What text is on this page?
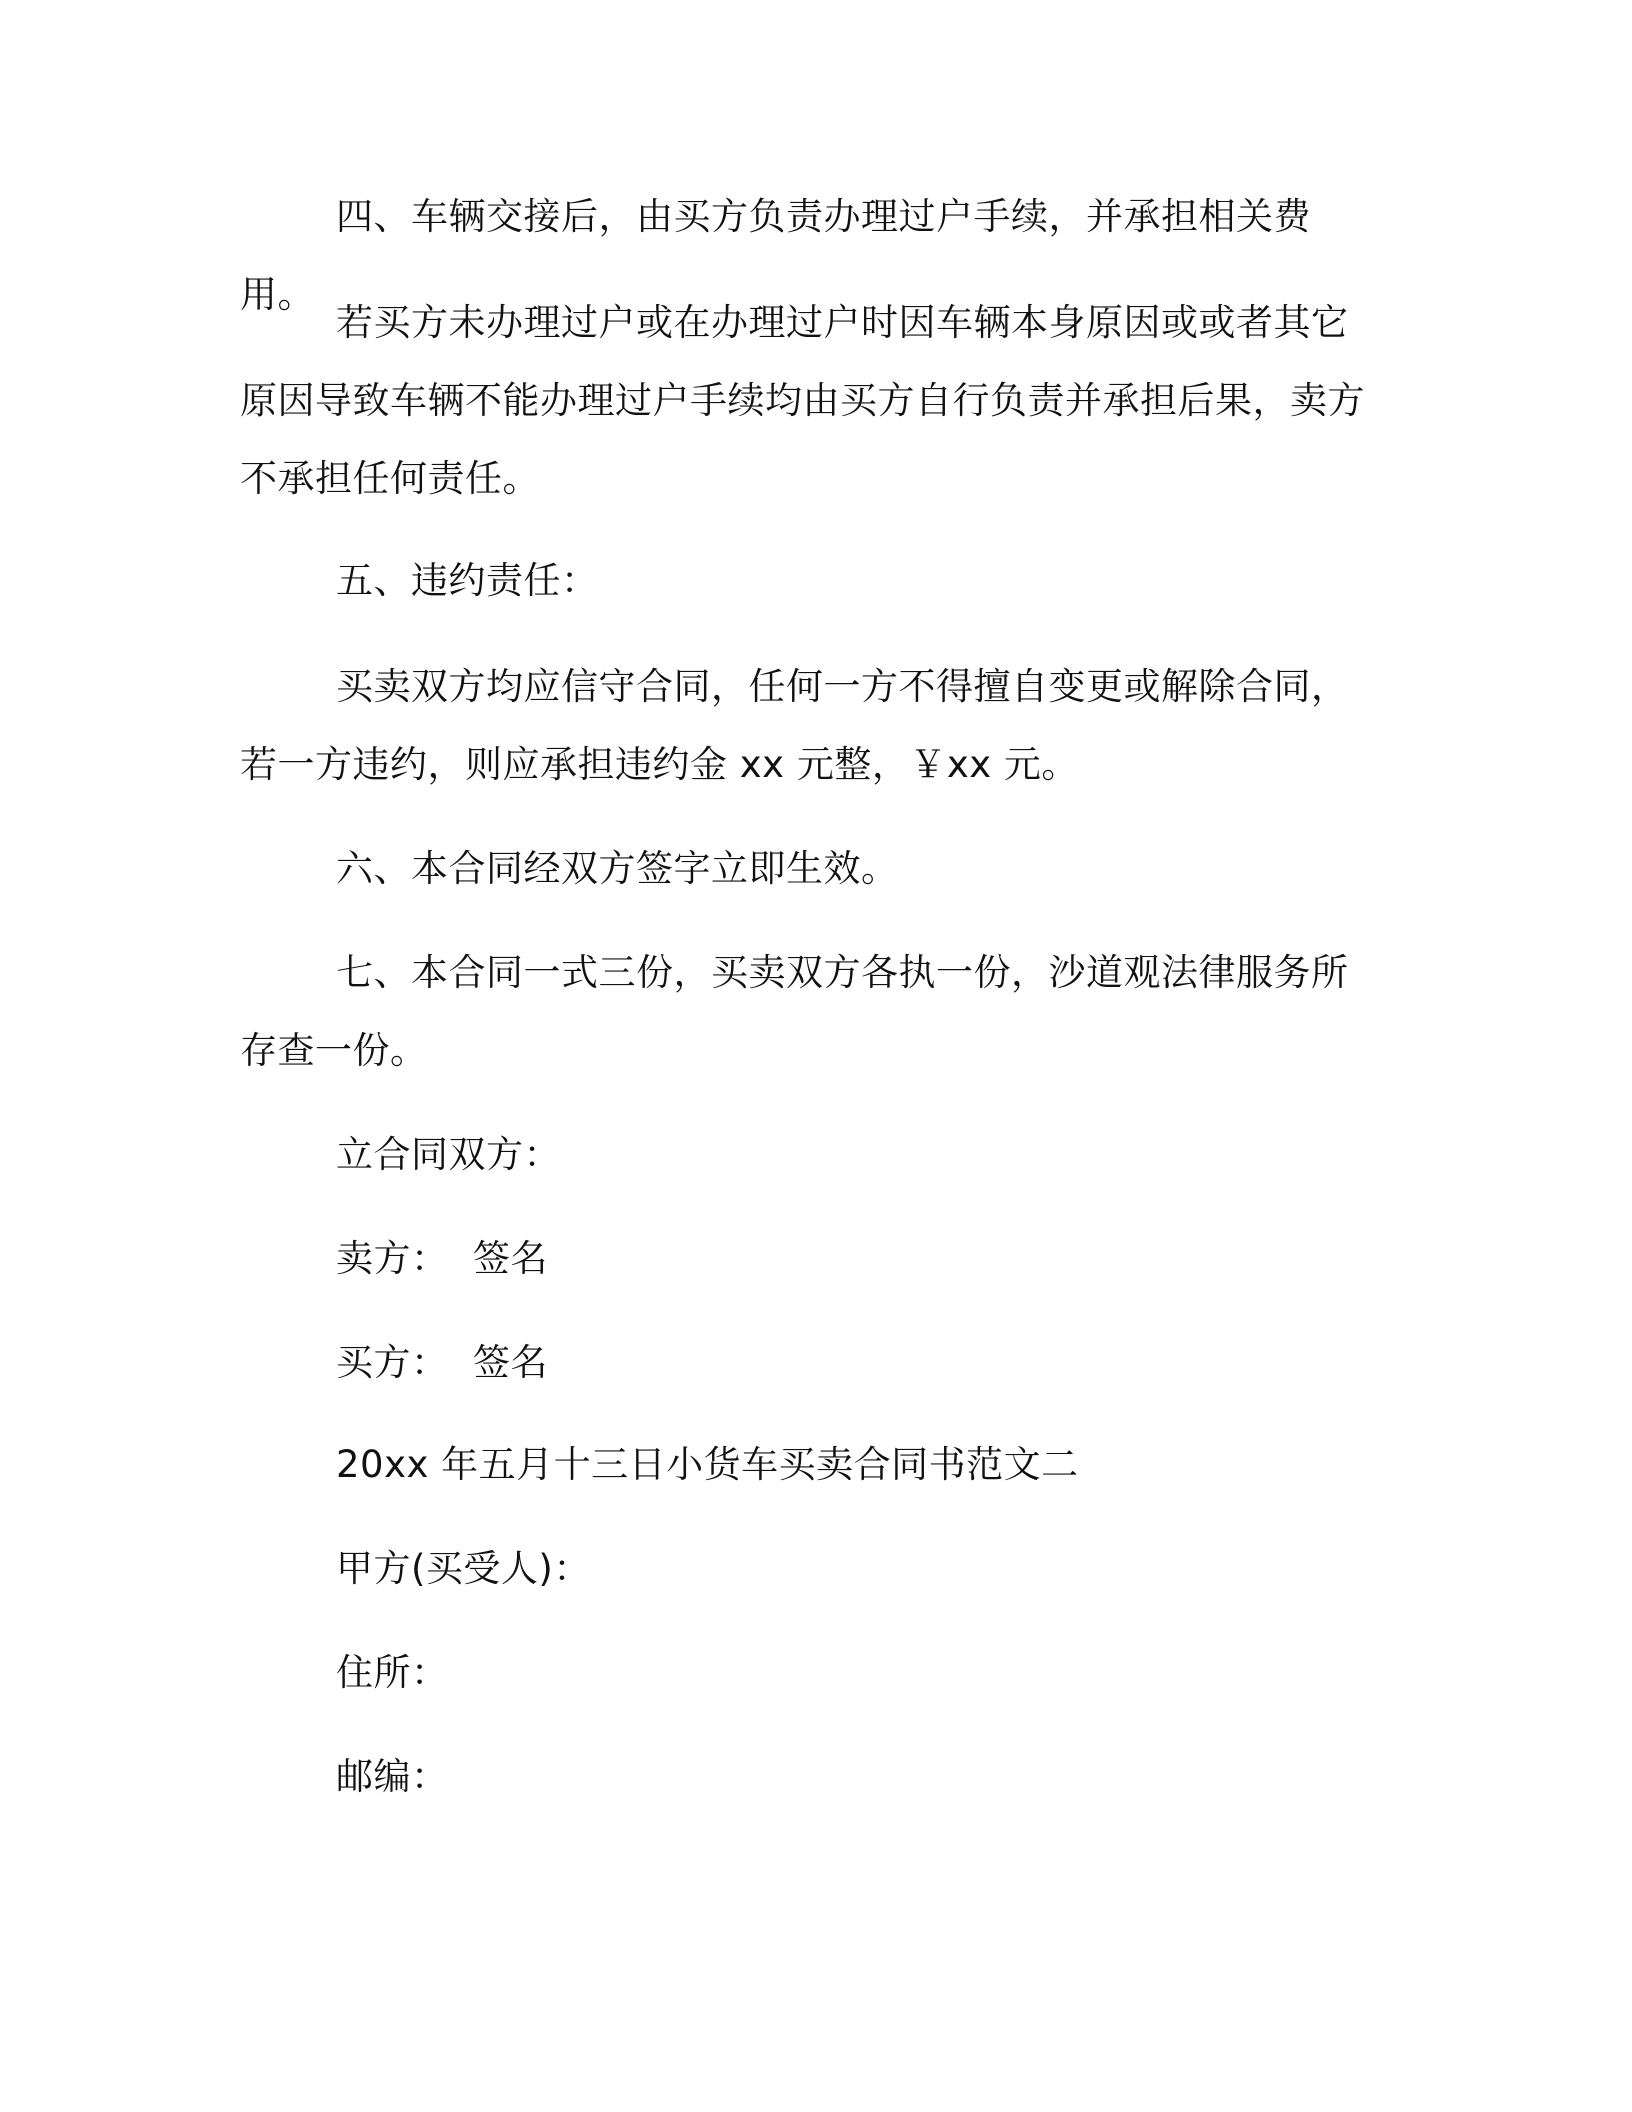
四、车辆交接后，由买方负责办理过户手续，并承担相关费用。

若买方未办理过户或在办理过户时因车辆本身原因或或者其它原因导致车辆不能办理过户手续均由买方自行负责并承担后果，卖方不承担任何责任。

五、违约责任：

买卖双方均应信守合同，任何一方不得擅自变更或解除合同，若一方违约，则应承担违约金 xx 元整，￥xx 元。

六、本合同经双方签字立即生效。

七、本合同一式三份，买卖双方各执一份，沙道观法律服务所存查一份。

立合同双方：

卖方：  签名

买方：  签名

20xx 年五月十三日小货车买卖合同书范文二

甲方(买受人)：

住所：

邮编：
